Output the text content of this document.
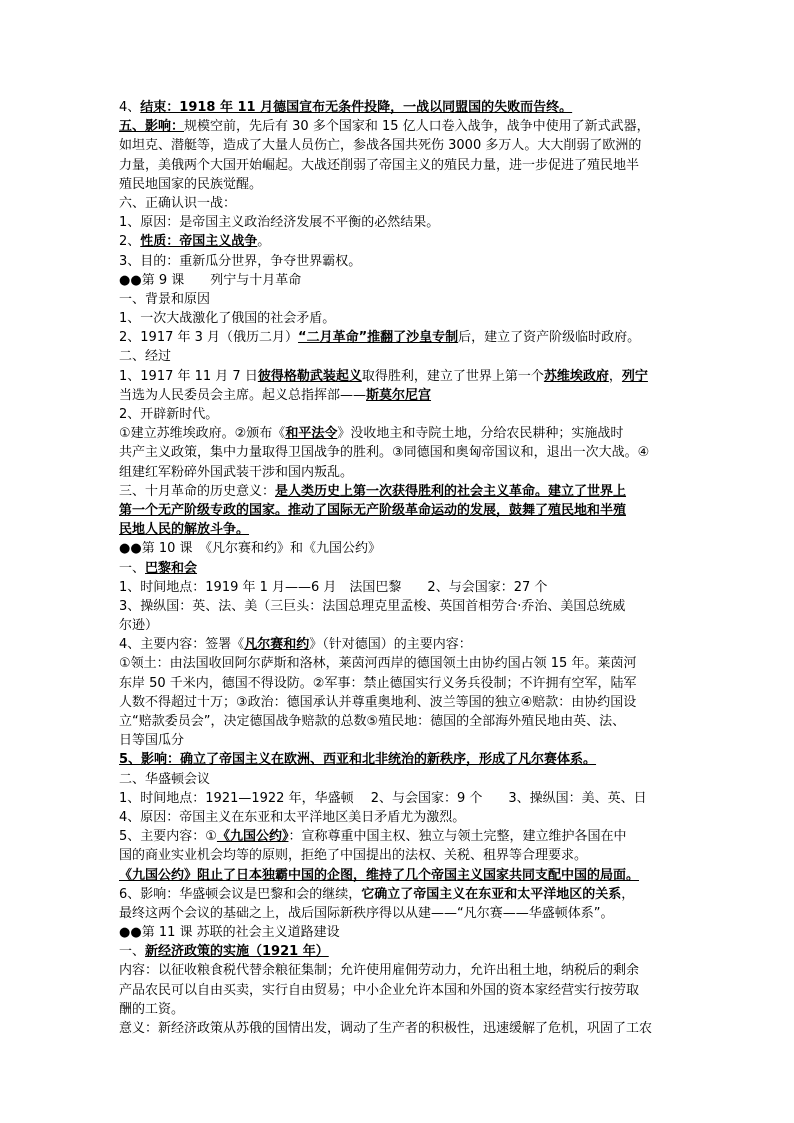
4、结束：1918 年 11 月德国宣布无条件投降，一战以同盟国的失败而告终。
五、影响：规模空前，先后有 30 多个国家和 15 亿人口卷入战争，战争中使用了新式武器，
如坦克、潜艇等，造成了大量人员伤亡，参战各国共死伤 3000 多万人。大大削弱了欧洲的
力量，美俄两个大国开始崛起。大战还削弱了帝国主义的殖民力量，进一步促进了殖民地半
殖民地国家的民族觉醒。
六、正确认识一战：
1、原因：是帝国主义政治经济发展不平衡的必然结果。
2、性质：帝国主义战争。
3、目的：重新瓜分世界，争夺世界霸权。
●●第 9 课　　列宁与十月革命
一、背景和原因
1、一次大战激化了俄国的社会矛盾。
2、1917 年 3 月（俄历二月）“二月革命”推翻了沙皇专制后，建立了资产阶级临时政府。
二、经过
1、1917 年 11 月 7 日彼得格勒武装起义取得胜利，建立了世界上第一个苏维埃政府，列宁
当选为人民委员会主席。起义总指挥部——斯莫尔尼宫
2、开辟新时代。
①建立苏维埃政府。②颁布《和平法令》没收地主和寺院土地，分给农民耕种；实施战时
共产主义政策，集中力量取得卫国战争的胜利。③同德国和奥匈帝国议和，退出一次大战。④
组建红军粉碎外国武装干涉和国内叛乱。
三、十月革命的历史意义：是人类历史上第一次获得胜利的社会主义革命。建立了世界上
第一个无产阶级专政的国家。推动了国际无产阶级革命运动的发展，鼓舞了殖民地和半殖
民地人民的解放斗争。
●●第 10 课　《凡尔赛和约》和《九国公约》
一、巴黎和会
1、时间地点：1919 年 1 月——6 月　法国巴黎　　2、与会国家：27 个
3、操纵国：英、法、美（三巨头：法国总理克里孟梭、英国首相劳合·乔治、美国总统威
尔逊）
4、主要内容：签署《凡尔赛和约》（针对德国）的主要内容：
①领土：由法国收回阿尔萨斯和洛林，莱茵河西岸的德国领土由协约国占领 15 年。莱茵河
东岸 50 千米内，德国不得设防。②军事：禁止德国实行义务兵役制；不许拥有空军，陆军
人数不得超过十万；③政治：德国承认并尊重奥地利、波兰等国的独立④赔款：由协约国设
立“赔款委员会”，决定德国战争赔款的总数⑤殖民地：德国的全部海外殖民地由英、法、
日等国瓜分
5、影响：确立了帝国主义在欧洲、西亚和北非统治的新秩序，形成了凡尔赛体系。
二、华盛顿会议
1、时间地点：1921—1922 年，华盛顿　 2、与会国家：9 个　　3、操纵国：美、英、日
4、原因：帝国主义在东亚和太平洋地区美日矛盾尤为激烈。
5、主要内容：①《九国公约》：宣称尊重中国主权、独立与领土完整，建立维护各国在中
国的商业实业机会均等的原则，拒绝了中国提出的法权、关税、租界等合理要求。
《九国公约》阻止了日本独霸中国的企图，维持了几个帝国主义国家共同支配中国的局面。
6、影响：华盛顿会议是巴黎和会的继续，它确立了帝国主义在东亚和太平洋地区的关系，
最终这两个会议的基础之上，战后国际新秩序得以从建——“凡尔赛——华盛顿体系”。
●●第 11 课 苏联的社会主义道路建设
一、新经济政策的实施（1921 年）
内容：以征收粮食税代替余粮征集制；允许使用雇佣劳动力，允许出租土地，纳税后的剩余
产品农民可以自由买卖，实行自由贸易；中小企业允许本国和外国的资本家经营实行按劳取
酬的工资。
意义：新经济政策从苏俄的国情出发，调动了生产者的积极性，迅速缓解了危机，巩固了工农
